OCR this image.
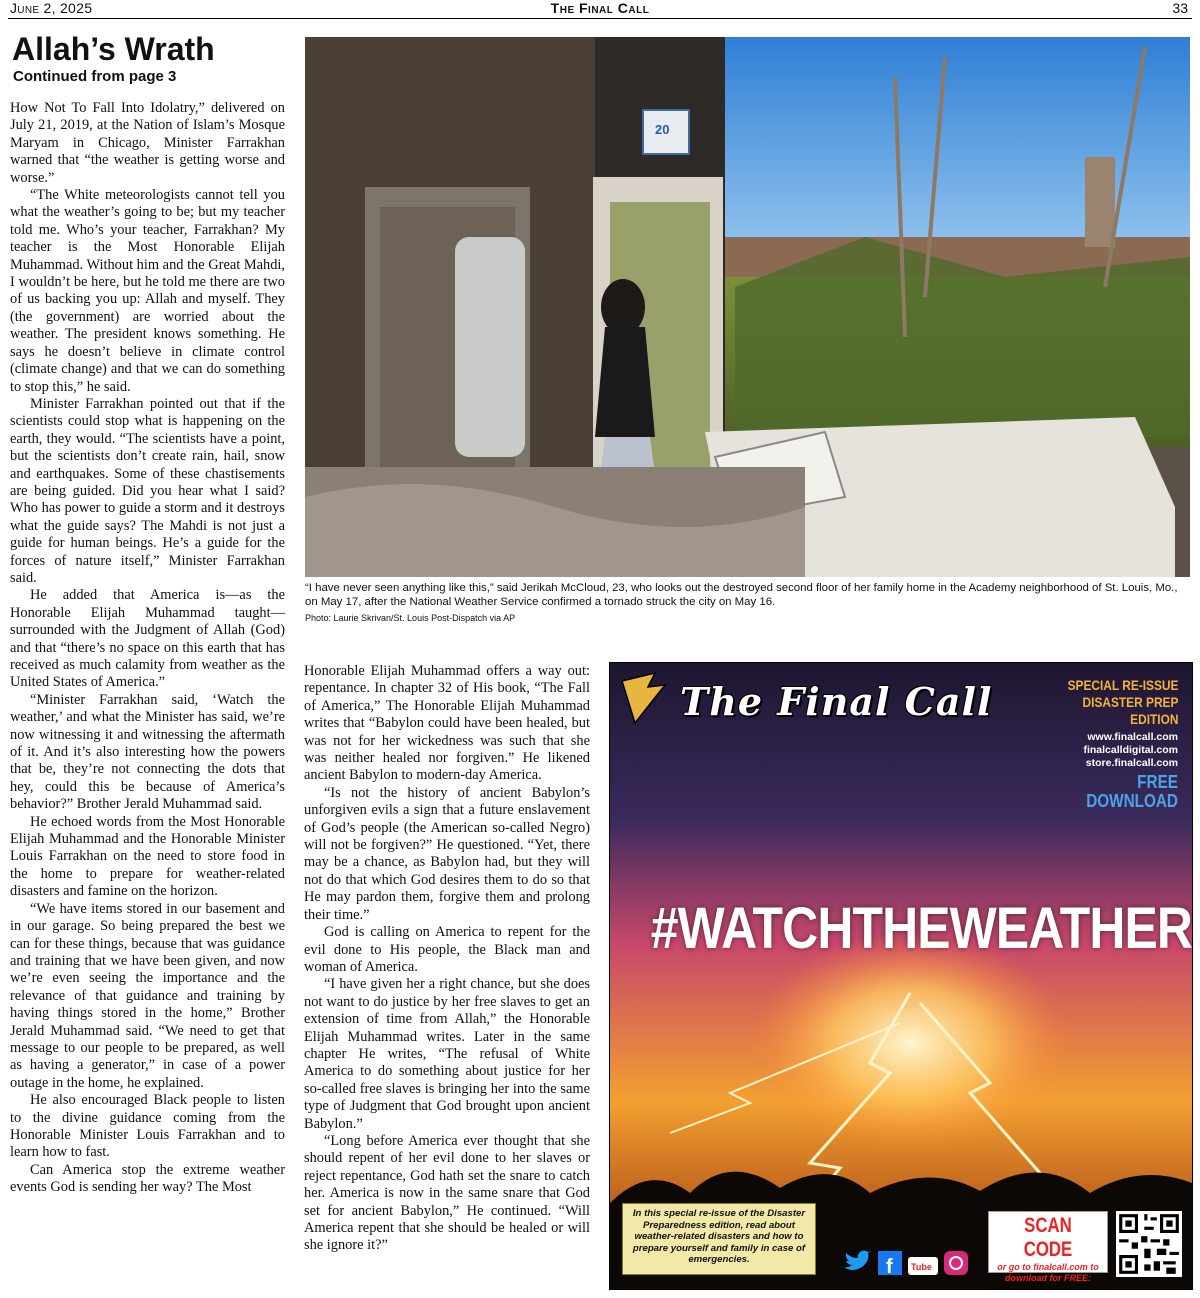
June 2, 2025	The Final Call	33
Allah’s Wrath
Continued from page 3

How Not To Fall Into Idolatry,” delivered on July 21, 2019, at the Nation of Islam’s Mosque Maryam in Chicago, Minister Farrakhan warned that “the weather is getting worse and worse.”

“The White meteorologists cannot tell you what the weather’s going to be; but my teacher told me. Who’s your teacher, Farrakhan? My teacher is the Most Honorable Elijah Muhammad. Without him and the Great Mahdi, I wouldn’t be here, but he told me there are two of us backing you up: Allah and myself. They (the government) are worried about the weather. The president knows something. He says he doesn’t believe in climate control (climate change) and that we can do something to stop this,” he said.

Minister Farrakhan pointed out that if the scientists could stop what is happening on the earth, they would. “The scientists have a point, but the scientists don’t create rain, hail, snow and earthquakes. Some of these chastisements are being guided. Did you hear what I said? Who has power to guide a storm and it destroys what the guide says? The Mahdi is not just a guide for human beings. He’s a guide for the forces of nature itself,” Minister Farrakhan said.

He added that America is—as the Honorable Elijah Muhammad taught—surrounded with the Judgment of Allah (God) and that “there’s no space on this earth that has received as much calamity from weather as the United States of America.”

“Minister Farrakhan said, ‘Watch the weather,’ and what the Minister has said, we’re now witnessing it and witnessing the aftermath of it. And it’s also interesting how the powers that be, they’re not connecting the dots that hey, could this be because of America’s behavior?” Brother Jerald Muhammad said.

He echoed words from the Most Honorable Elijah Muhammad and the Honorable Minister Louis Farrakhan on the need to store food in the home to prepare for weather-related disasters and famine on the horizon.

“We have items stored in our basement and in our garage. So being prepared the best we can for these things, because that was guidance and training that we have been given, and now we’re even seeing the importance and the relevance of that guidance and training by having things stored in the home,” Brother Jerald Muhammad said. “We need to get that message to our people to be prepared, as well as having a generator,” in case of a power outage in the home, he explained.

He also encouraged Black people to listen to the divine guidance coming from the Honorable Minister Louis Farrakhan and to learn how to fast.

Can America stop the extreme weather events God is sending her way? The Most

20
“I have never seen anything like this,” said Jerikah McCloud, 23, who looks out the destroyed second floor of her family home in the Academy neighborhood of St. Louis, Mo., on May 17, after the National Weather Service confirmed a tornado struck the city on May 16.
Photo: Laurie Skrivan/St. Louis Post-Dispatch via AP

Honorable Elijah Muhammad offers a way out: repentance. In chapter 32 of His book, “The Fall of America,” The Honorable Elijah Muhammad writes that “Babylon could have been healed, but was not for her wickedness was such that she was neither healed nor forgiven.” He likened ancient Babylon to modern-day America.

“Is not the history of ancient Babylon’s unforgiven evils a sign that a future enslavement of God’s people (the American so-called Negro) will not be forgiven?” He questioned. “Yet, there may be a chance, as Babylon had, but they will not do that which God desires them to do so that He may pardon them, forgive them and prolong their time.”

God is calling on America to repent for the evil done to His people, the Black man and woman of America.

“I have given her a right chance, but she does not want to do justice by her free slaves to get an extension of time from Allah,” the Honorable Elijah Muhammad writes. Later in the same chapter He writes, “The refusal of White America to do something about justice for her so-called free slaves is bringing her into the same type of Judgment that God brought upon ancient Babylon.”

“Long before America ever thought that she should repent of her evil done to her slaves or reject repentance, God hath set the snare to catch her. America is now in the same snare that God set for ancient Babylon,” He continued. “Will America repent that she should be healed or will she ignore it?”

The Final Call	SPECIAL RE-ISSUE
DISASTER PREP
EDITION
www.finalcall.com
finalcalldigital.com
store.finalcall.com
FREE
DOWNLOAD
#WATCHTHEWEATHER
In this special re-issue of the Disaster Preparedness edition, read about weather-related disasters and how to prepare yourself and family in case of emergencies.	f Tube
SCAN CODE
or go to finalcall.com to download for FREE:
